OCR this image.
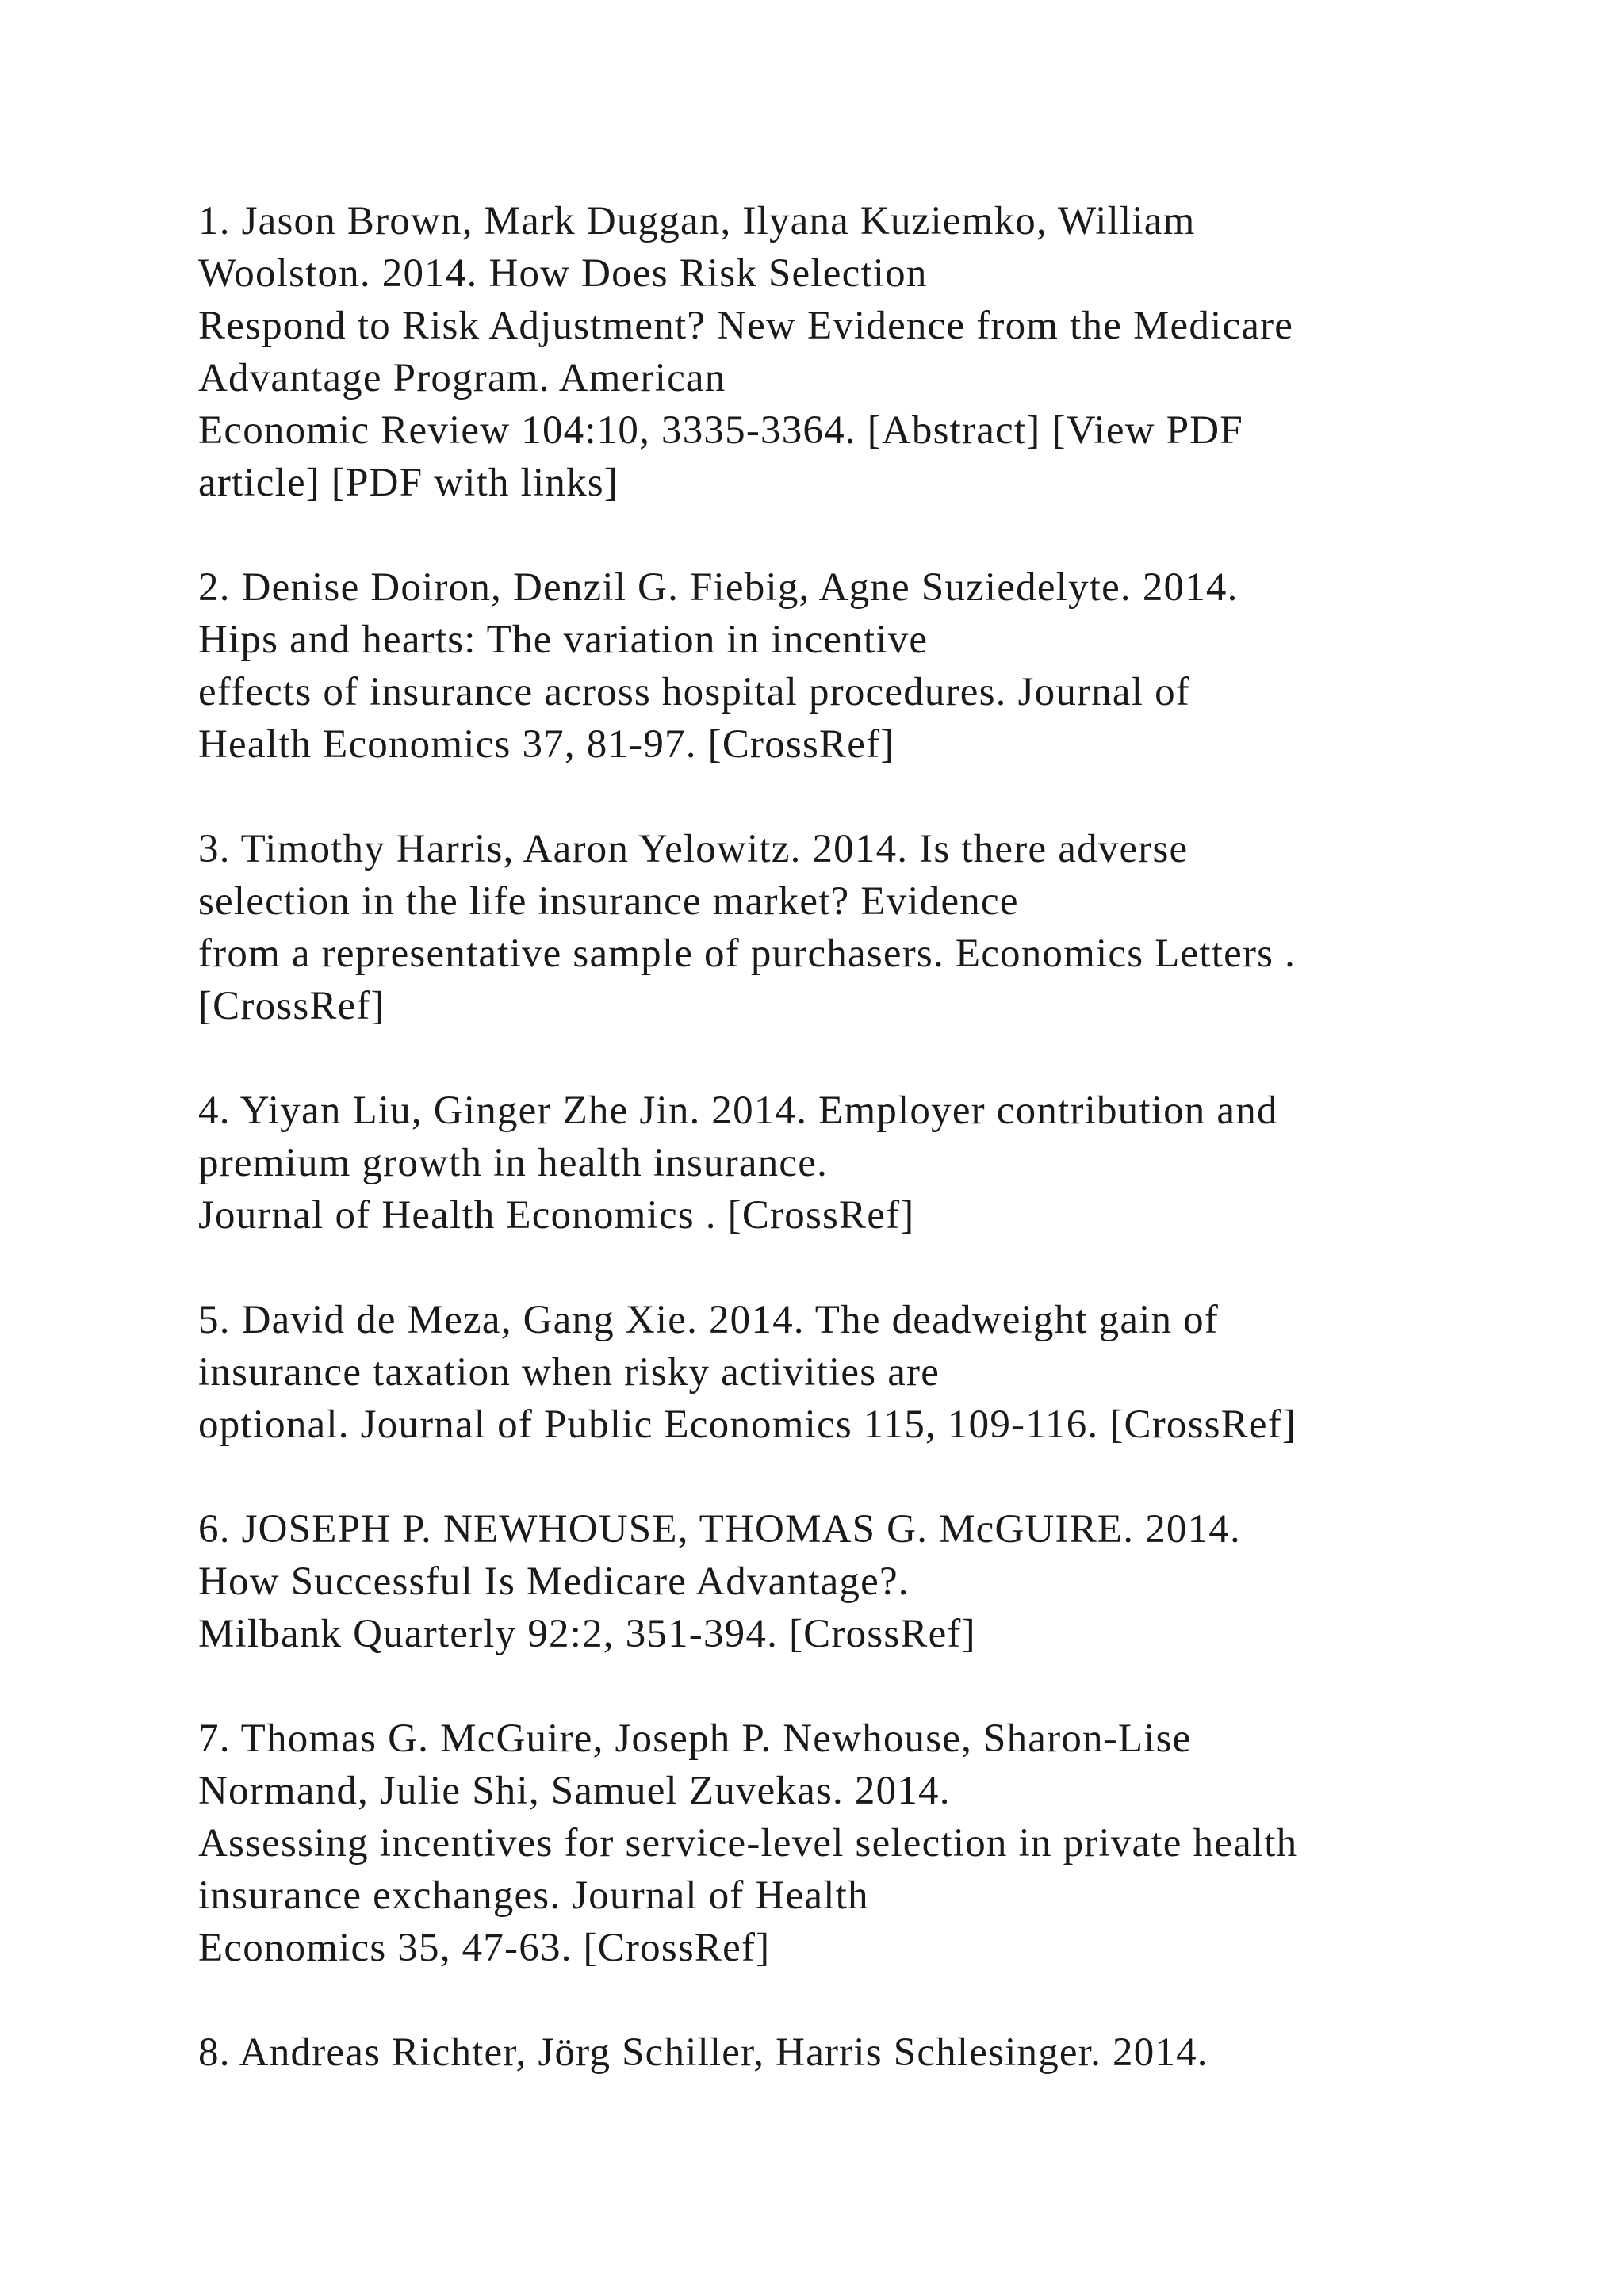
1. Jason Brown, Mark Duggan, Ilyana Kuziemko, William
Woolston. 2014. How Does Risk Selection
Respond to Risk Adjustment? New Evidence from the Medicare
Advantage Program. American
Economic Review 104:10, 3335-3364. [Abstract] [View PDF
article] [PDF with links]
2. Denise Doiron, Denzil G. Fiebig, Agne Suziedelyte. 2014.
Hips and hearts: The variation in incentive
effects of insurance across hospital procedures. Journal of
Health Economics 37, 81-97. [CrossRef]
3. Timothy Harris, Aaron Yelowitz. 2014. Is there adverse
selection in the life insurance market? Evidence
from a representative sample of purchasers. Economics Letters .
[CrossRef]
4. Yiyan Liu, Ginger Zhe Jin. 2014. Employer contribution and
premium growth in health insurance.
Journal of Health Economics . [CrossRef]
5. David de Meza, Gang Xie. 2014. The deadweight gain of
insurance taxation when risky activities are
optional. Journal of Public Economics 115, 109-116. [CrossRef]
6. JOSEPH P. NEWHOUSE, THOMAS G. McGUIRE. 2014.
How Successful Is Medicare Advantage?.
Milbank Quarterly 92:2, 351-394. [CrossRef]
7. Thomas G. McGuire, Joseph P. Newhouse, Sharon-Lise
Normand, Julie Shi, Samuel Zuvekas. 2014.
Assessing incentives for service-level selection in private health
insurance exchanges. Journal of Health
Economics 35, 47-63. [CrossRef]
8. Andreas Richter, Jörg Schiller, Harris Schlesinger. 2014.
